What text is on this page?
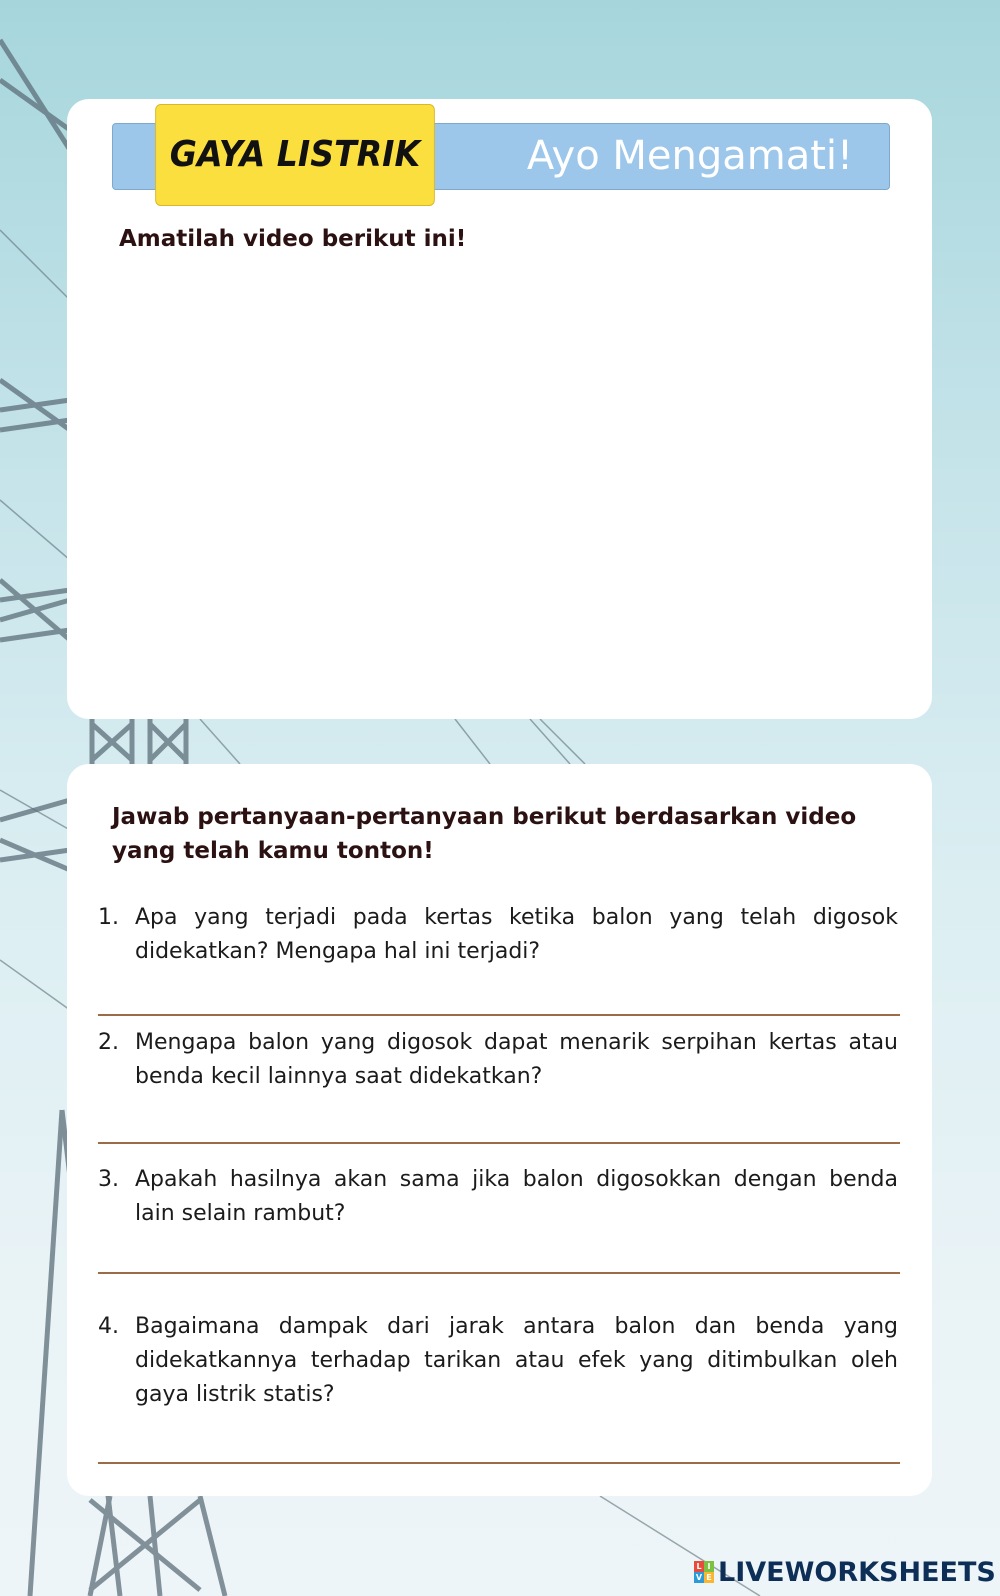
Ayo Mengamati!
GAYA LISTRIK
Amatilah video berikut ini!
Jawab pertanyaan-pertanyaan berikut berdasarkan video yang telah kamu tonton!
1. Apa yang terjadi pada kertas ketika balon yang telah digosok didekatkan? Mengapa hal ini terjadi?
2. Mengapa balon yang digosok dapat menarik serpihan kertas atau benda kecil lainnya saat didekatkan?
3. Apakah hasilnya akan sama jika balon digosokkan dengan benda lain selain rambut?
4. Bagaimana dampak dari jarak antara balon dan benda yang didekatkannya terhadap tarikan atau efek yang ditimbulkan oleh gaya listrik statis?
L I
V E LIVEWORKSHEETS
